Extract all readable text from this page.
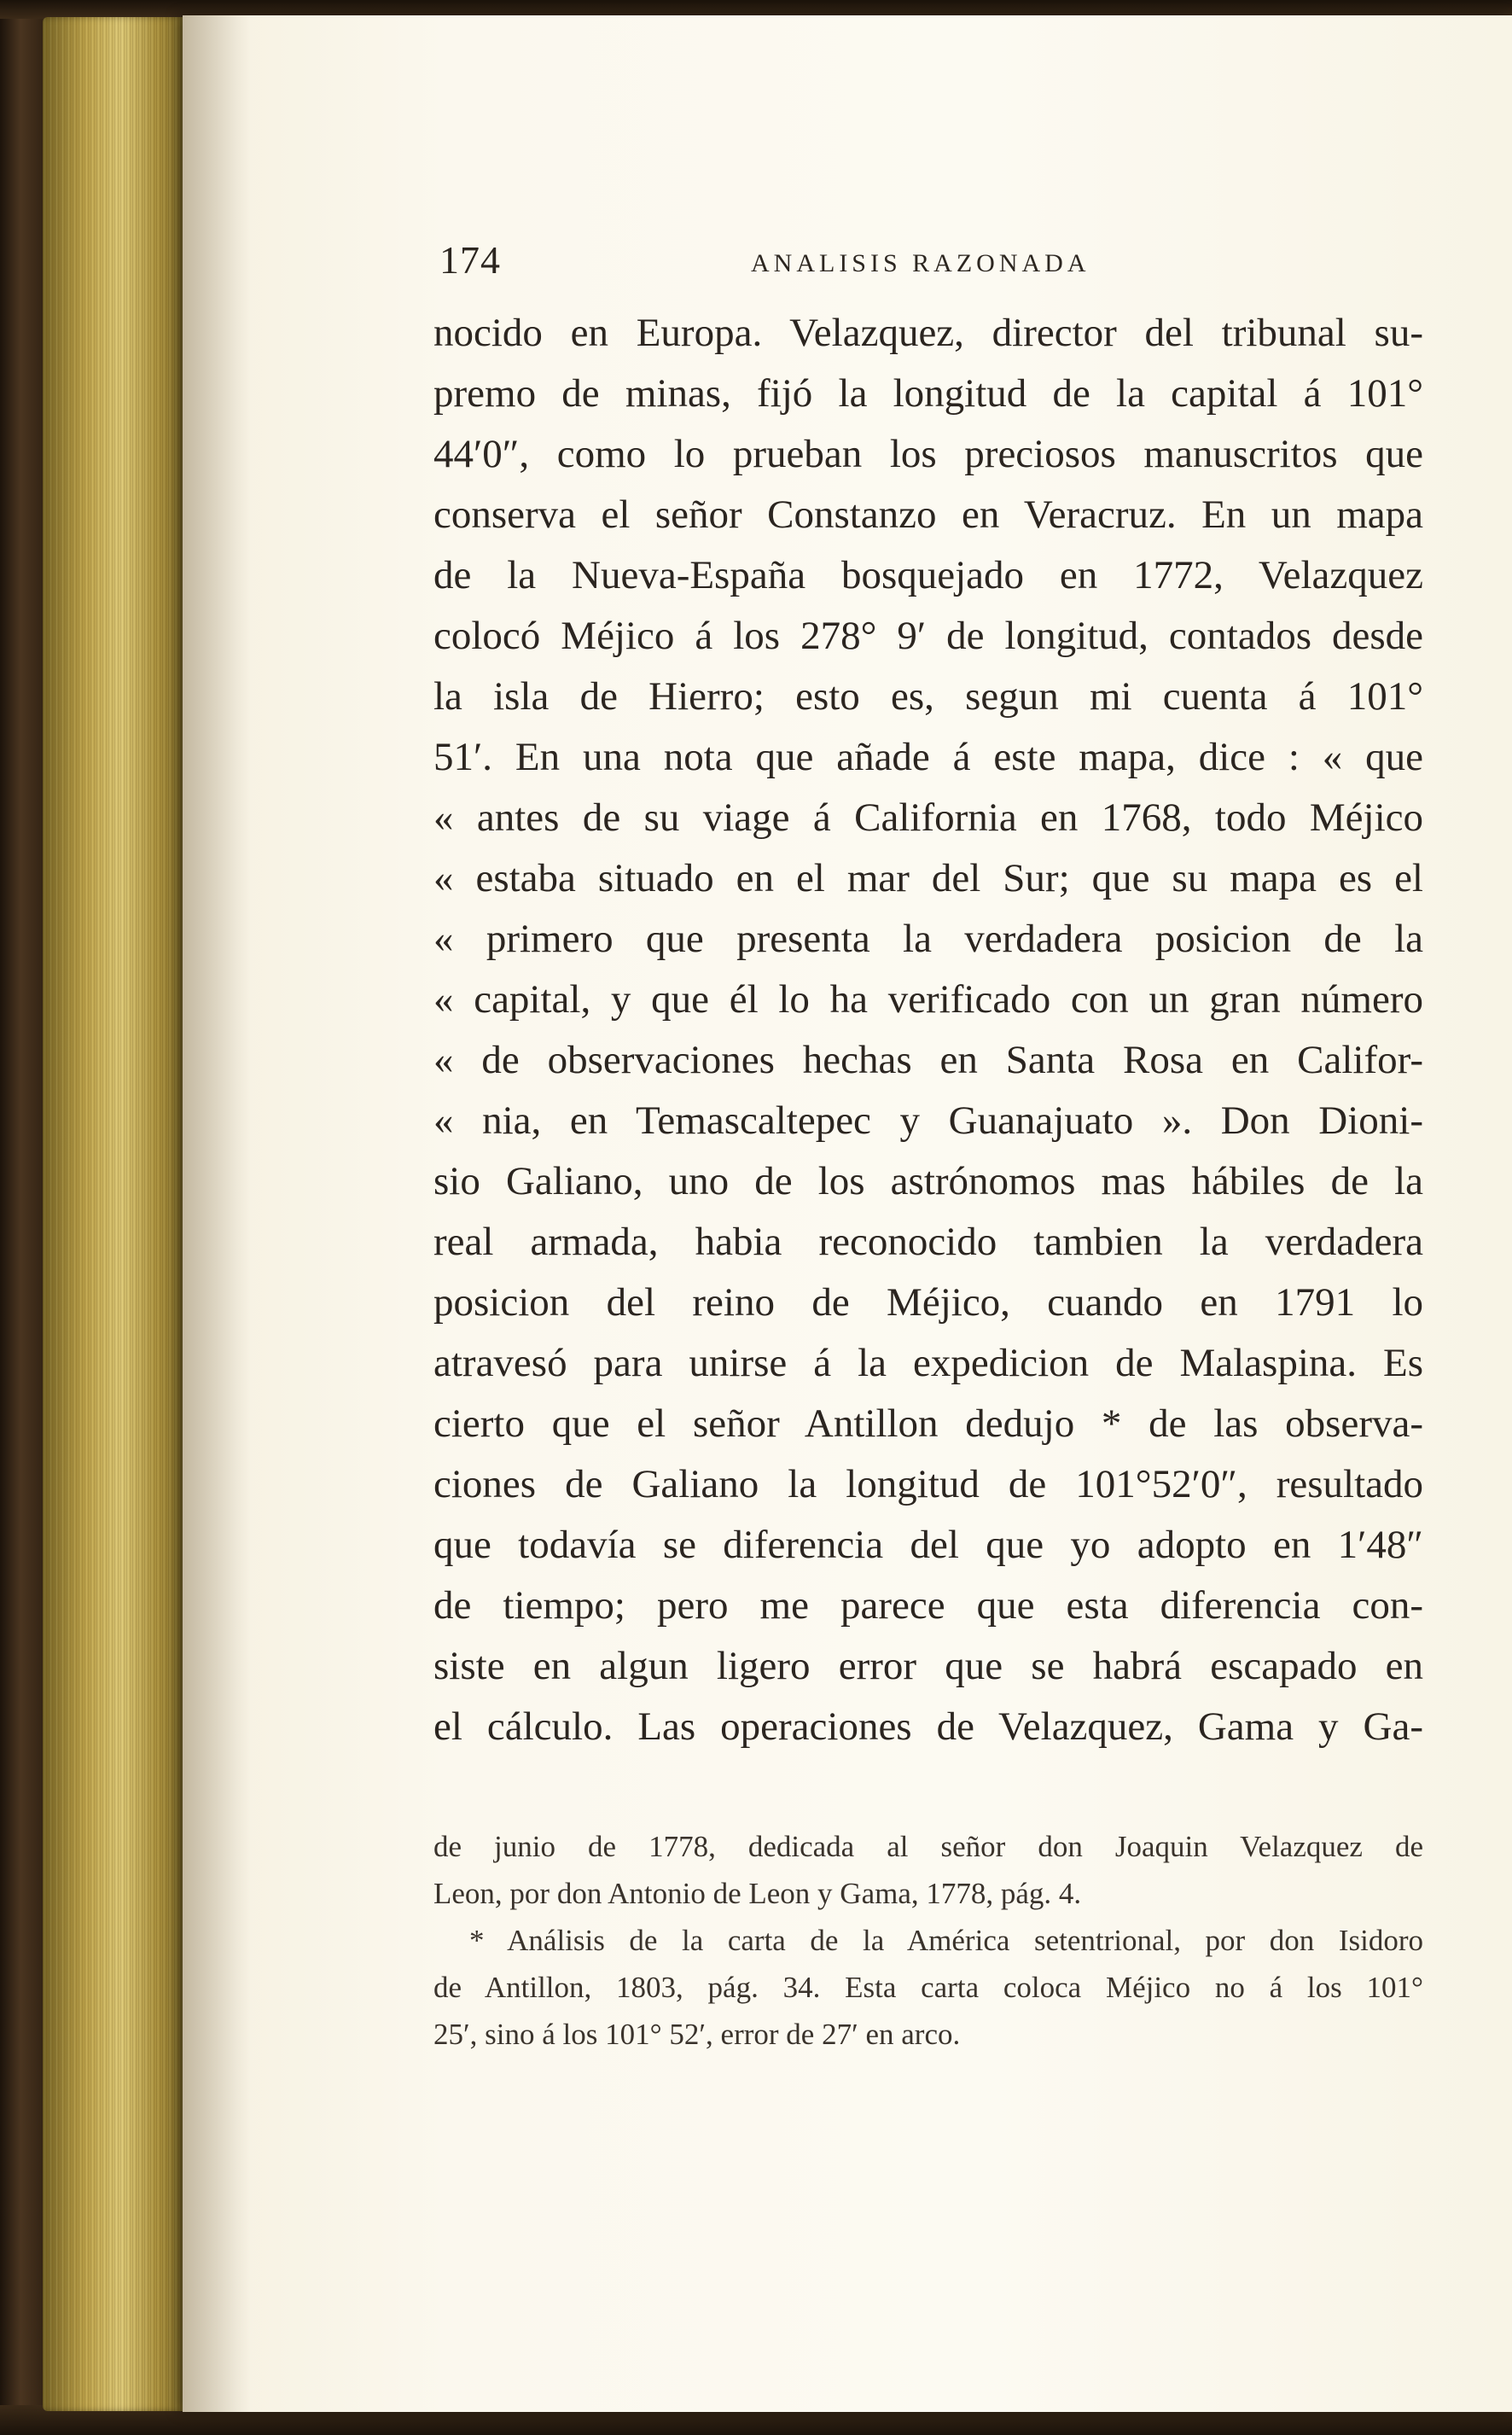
174	ANALISIS RAZONADA
nocido en Europa. Velazquez, director del tribunal su-
premo de minas, fijó la longitud de la capital á 101°
44′0″, como lo prueban los preciosos manuscritos que
conserva el señor Constanzo en Veracruz. En un mapa
de la Nueva-España bosquejado en 1772, Velazquez
colocó Méjico á los 278° 9′ de longitud, contados desde
la isla de Hierro; esto es, segun mi cuenta á 101°
51′. En una nota que añade á este mapa, dice : « que
« antes de su viage á California en 1768, todo Méjico
« estaba situado en el mar del Sur; que su mapa es el
« primero que presenta la verdadera posicion de la
« capital, y que él lo ha verificado con un gran número
« de observaciones hechas en Santa Rosa en Califor-
« nia, en Temascaltepec y Guanajuato ». Don Dioni-
sio Galiano, uno de los astrónomos mas hábiles de la
real armada, habia reconocido tambien la verdadera
posicion del reino de Méjico, cuando en 1791 lo
atravesó para unirse á la expedicion de Malaspina. Es
cierto que el señor Antillon dedujo * de las observa-
ciones de Galiano la longitud de 101°52′0″, resultado
que todavía se diferencia del que yo adopto en 1′48″
de tiempo; pero me parece que esta diferencia con-
siste en algun ligero error que se habrá escapado en
el cálculo. Las operaciones de Velazquez, Gama y Ga-
de junio de 1778, dedicada al señor don Joaquin Velazquez de
Leon, por don Antonio de Leon y Gama, 1778, pág. 4.
* Análisis de la carta de la América setentrional, por don Isidoro
de Antillon, 1803, pág. 34. Esta carta coloca Méjico no á los 101°
25′, sino á los 101° 52′, error de 27′ en arco.
